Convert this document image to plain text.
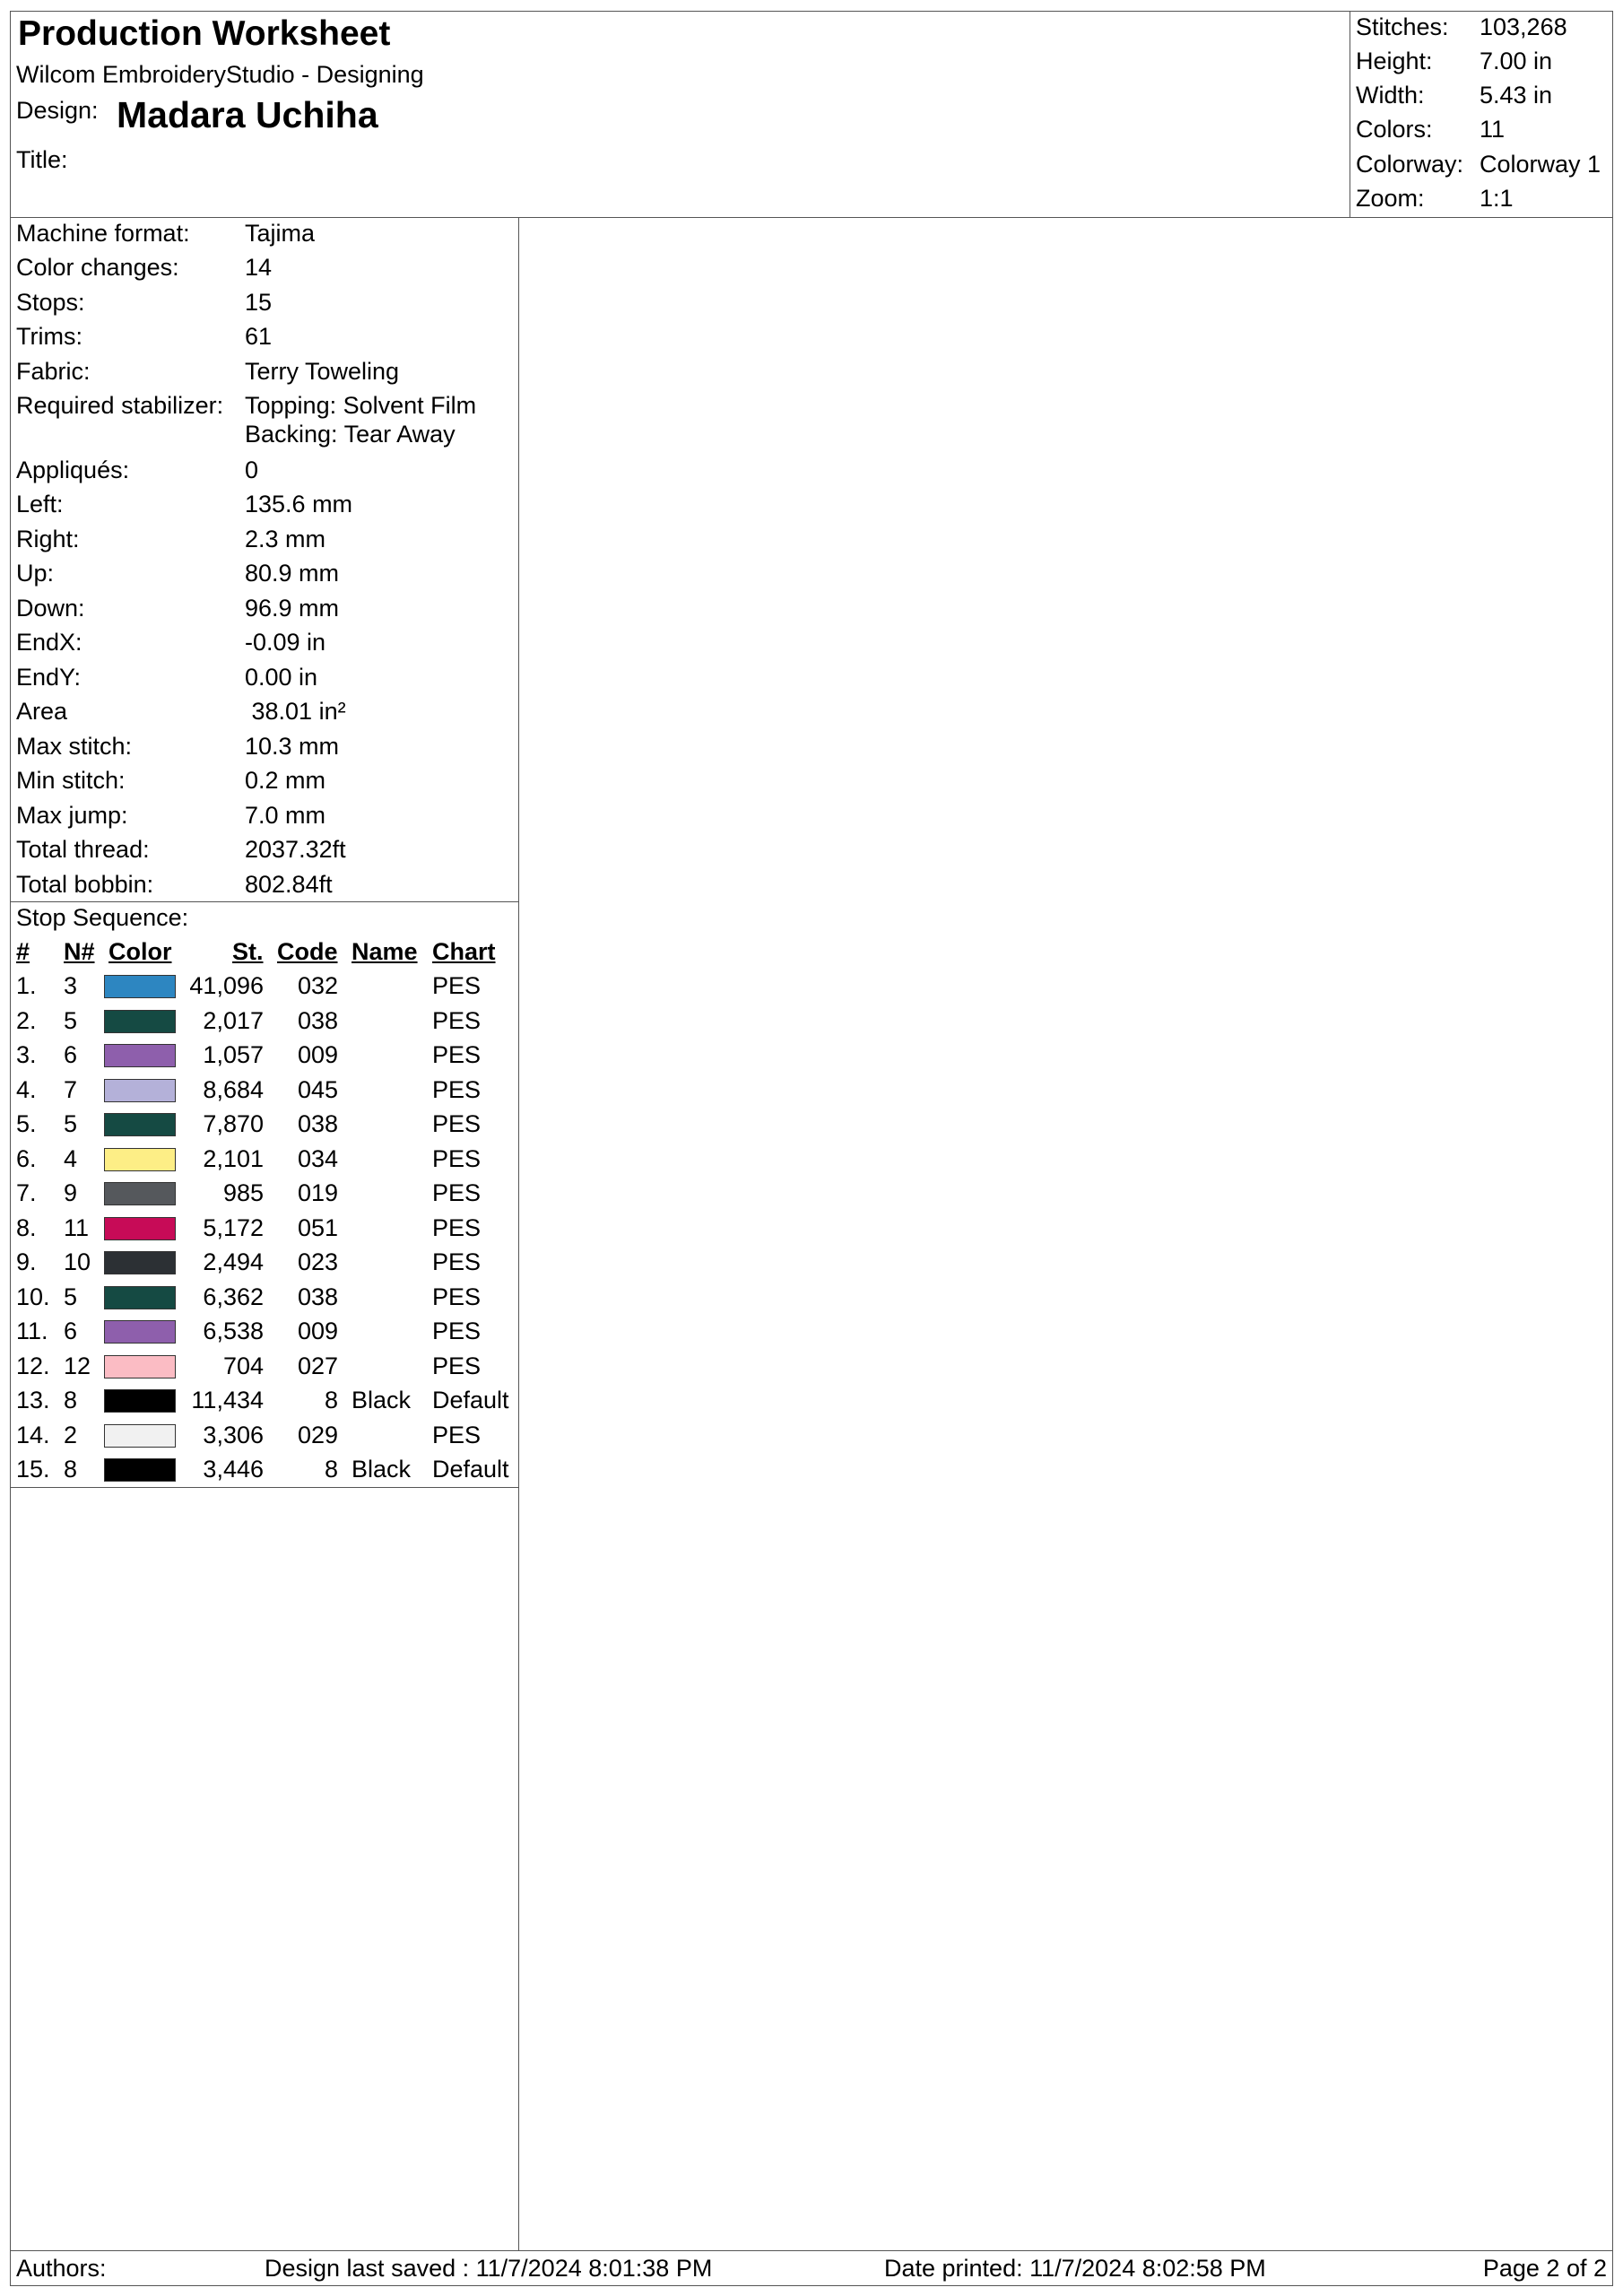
Production Worksheet
Wilcom EmbroideryStudio - Designing
Design: Madara Uchiha
Title:
Stitches: 103,268
Height: 7.00 in
Width: 5.43 in
Colors: 11
Colorway: Colorway 1
Zoom: 1:1
Machine format: Tajima
Color changes:	14
Stops:	15
Trims:	61
Fabric:	Terry Toweling
Required stabilizer: Topping: Solvent Film
Backing: Tear Away
Appliqués:	0
Left:	135.6 mm
Right:	2.3 mm
Up:	80.9 mm
Down:	96.9 mm
EndX:	-0.09 in
EndY:	0.00 in
Area	38.01 in²
Max stitch:	10.3 mm
Min stitch:	0.2 mm
Max jump:	7.0 mm
Total thread:	2037.32ft
Total bobbin:	802.84ft
Stop Sequence:
# N# Color	St. Code Name Chart
1. 3	41,096 032	PES
2. 5	2,017 038	PES
3. 6	1,057 009	PES
4. 7	8,684 045	PES
5. 5	7,870 038	PES
6. 4	2,101 034	PES
7. 9	985 019	PES
8. 11	5,172 051	PES
9. 10	2,494 023	PES
10. 5	6,362 038	PES
11. 6	6,538 009	PES
12. 12	704 027	PES
13. 8	11,434	8 Black Default
14. 2	3,306 029	PES
15. 8	3,446	8 Black Default
Authors:	Design last saved : 11/7/2024 8:01:38 PM	Date printed: 11/7/2024 8:02:58 PM	Page 2 of 2
